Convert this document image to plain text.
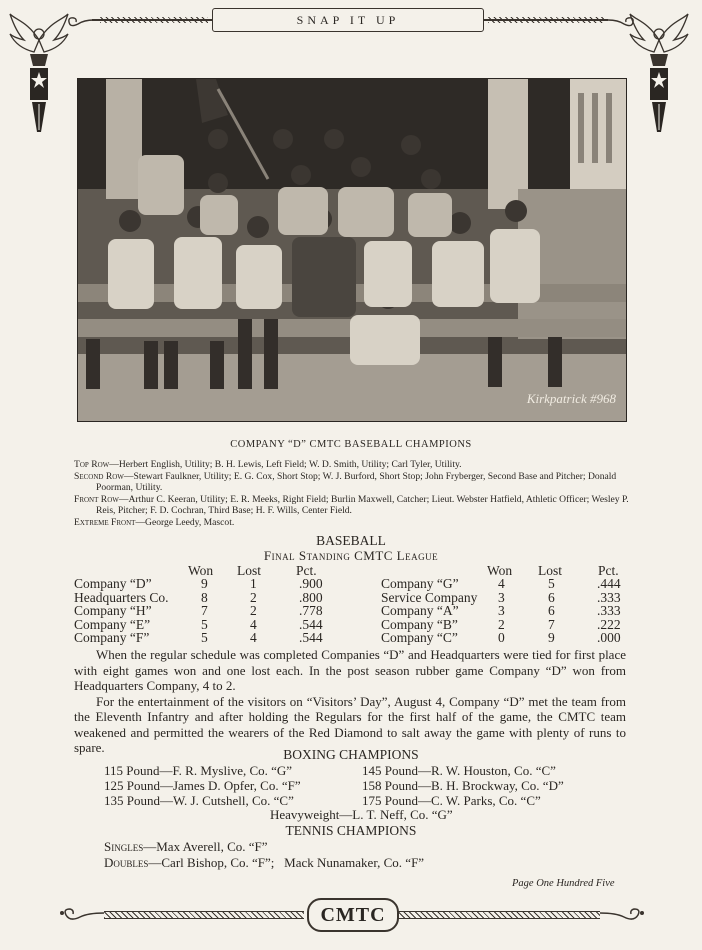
SNAP IT UP
Kirkpatrick #968
COMPANY “D” CMTC BASEBALL CHAMPIONS

Top Row—Herbert English, Utility; B. H. Lewis, Left Field; W. D. Smith, Utility; Carl Tyler, Utility.

Second Row—Stewart Faulkner, Utility; E. G. Cox, Short Stop; W. J. Burford, Short Stop; John Fryberger, Second Base and Pitcher; Donald Poorman, Utility.

Front Row—Arthur C. Keeran, Utility; E. R. Meeks, Right Field; Burlin Maxwell, Catcher; Lieut. Webster Hatfield, Athletic Officer; Wesley P. Reis, Pitcher; F. D. Cochran, Third Base; H. F. Wills, Center Field.

Extreme Front—George Leedy, Mascot.

BASEBALL
Final Standing CMTC League
Won Lost	Pct.	Won Lost	Pct.
Company “D”	9	1	.900
Headquarters Co. 8	2	.800
Company “H”	7	2	.778
Company “E”	5	4	.544
Company “F”	5	4	.544
Company “G”	4	5	.444
Service Company 3	6	.333
Company “A”	3	6	.333
Company “B”	2	7	.222
Company “C”	0	9	.000

When the regular schedule was completed Companies “D” and Headquarters were tied for first place with eight games won and one lost each. In the post season rubber game Company “D” won from Headquarters Company, 4 to 2.

For the entertainment of the visitors on “Visitors’ Day”, August 4, Company “D” met the team from the Eleventh Infantry and after holding the Regulars for the first half of the game, the CMTC team weakened and permitted the wearers of the Red Diamond to salt away the game with plenty of runs to spare.	BOXING CHAMPIONS
115 Pound—F. R. Myslive, Co. “G”
125 Pound—James D. Opfer, Co. “F”
135 Pound—W. J. Cutshell, Co. “C”
145 Pound—R. W. Houston, Co. “C”
158 Pound—B. H. Brockway, Co. “D”
175 Pound—C. W. Parks, Co. “C”
Heavyweight—L. T. Neff, Co. “G”
TENNIS CHAMPIONS
Singles—Max Averell, Co. “F”
Doubles—Carl Bishop, Co. “F”;   Mack Nunamaker, Co. “F”
Page One Hundred Five
CMTC
